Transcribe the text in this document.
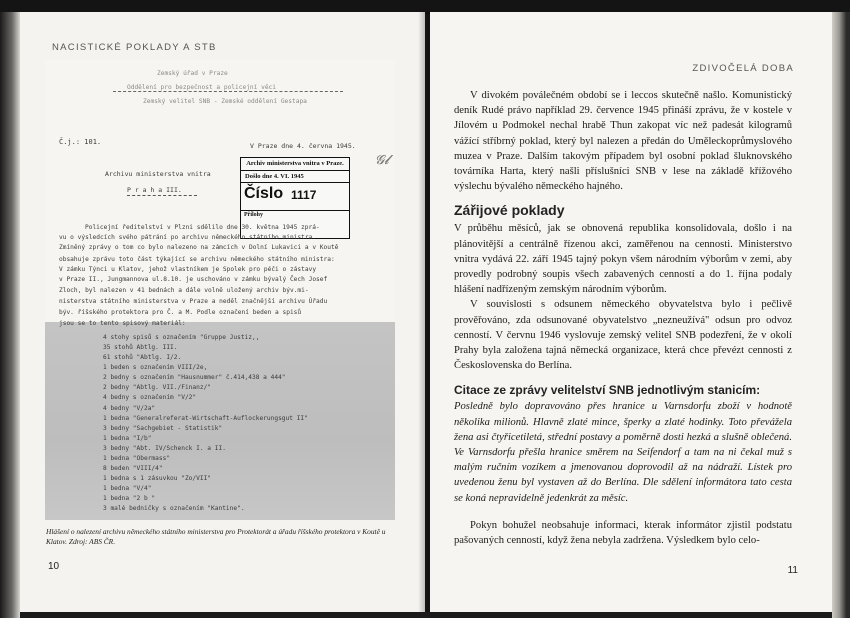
NACISTICKÉ POKLADY A STB
Zemský úřad v Praze
Oddělení pro bezpečnost a policejní věci
Zemský velitel SNB - Zemské oddělení Gestapa
𝓖𝓵
Č.j.: 101.	V Praze dne 4. června 1945.
Archivu ministerstva vnitra
P r a h a III.
Archiv ministerstva vnitra v Praze.
Došlo dne 4. VI. 1945
Číslo 1117
Přílohy
Policejní ředitelství v Plzni sdělilo dne 30. května 1945 zprá-
vu o výsledcích svého pátrání po archivu německého státního ministra.
Zmíněný zprávy o tom co bylo nalezeno na zámcích v Dolní Lukavici a v Koutě
obsahuje zprávu toto část týkající se archivu německého státního ministra:
V zámku Týnci u Klatov, jehož vlastníkem je Spolek pro péči o zástavy
v Praze II., Jungmannova ul.8.10. je uschováno v zámku bývalý Čech Josef
Zloch, byl nalezen v 41 bednách a dále volně uložený archiv býv.mi-
nisterstva státního ministerstva v Praze a neděl značnější archivu Úřadu
býv. říšského protektora pro Č. a M. Podle označení beden a spisů
jsou se to tento spisový materiál:
4 stohy spisů s označením "Gruppe Justiz,,
35 stohů Abtlg. III.
61 stohů "Abtlg. I/2.
1 beden s označením VIII/2e,
2 bedny s označením "Hausnummer" č.414,438 a 444"
2 bedny "Abtlg. VII./Finanz/"
4 bedny s označením "V/2"
4 bedny "V/2a"
1 bedna "Generalreferat-Wirtschaft-Auflockerungsgut II"
3 bedny "Sachgebiet - Statistik"
1 bedna "I/b"
3 bedny "Abt. IV/Schenck I. a II.
1 bedna "Obermass"
8 beden "VIII/4"
1 bedna s 1 zásuvkou "Zo/VII"
1 bedna "V/4"
1 bedna "2 b "
3 malé bedničky s označením "Kantine".
Hlášení o nalezení archivu německého státního ministerstva pro Protektorát a úřadu říšského protektora v Koutě u Klatov. Zdroj: ABS ČR.
10
ZDIVOČELÁ DOBA

V divokém poválečném období se i leccos skutečně našlo. Komunistický deník Rudé právo například 29. července 1945 přináší zprávu, že v kostele v Jílovém u Podmokel nechal hrabě Thun zakopat víc než padesát kilogramů vážící stříbrný poklad, který byl nalezen a předán do Uměleckoprůmyslového muzea v Praze. Dalším takovým případem byl osobní poklad šluknovského továrníka Harta, který našli příslušníci SNB v lese na základě křížového výslechu bývalého německého hajného.

Zářijové poklady

V průběhu měsíců, jak se obnovená republika konsolidovala, došlo i na plánovitější a centrálně řízenou akci, zaměřenou na cennosti. Ministerstvo vnitra vydává 22. září 1945 tajný pokyn všem národním výborům v zemi, aby provedly podrobný soupis všech zabavených cenností a do 1. října podaly hlášení nadřízeným zemským národním výborům.

V souvislosti s odsunem německého obyvatelstva bylo i pečlivě prověřováno, zda odsunované obyvatelstvo „nezneužívá" odsun pro odvoz cenností. V červnu 1946 vyslovuje zemský velitel SNB podezření, že v okolí Prahy byla založena tajná německá organizace, která chce převézt cennosti z Československa do Berlína.

Citace ze zprávy velitelství SNB jednotlivým stanicím:

Posledně bylo dopravováno přes hranice u Varnsdorfu zboží v hodnotě několika milionů. Hlavně zlaté mince, šperky a zlaté hodinky. Toto převážela žena asi čtyřicetiletá, střední postavy a poměrně dosti hezká a slušně oblečená. Ve Varnsdorfu přešla hranice směrem na Seifendorf a tam na ni čekal muž s malým ručním vozíkem a jmenovanou doprovodil až na nádraží. Lístek pro uvedenou ženu byl vystaven až do Berlína. Dle sdělení informátora tato cesta se koná nepravidelně jedenkrát za měsíc.

Pokyn bohužel neobsahuje informaci, kterak informátor zjistil podstatu pašovaných cenností, když žena nebyla zadržena. Výsledkem bylo celo-

11
